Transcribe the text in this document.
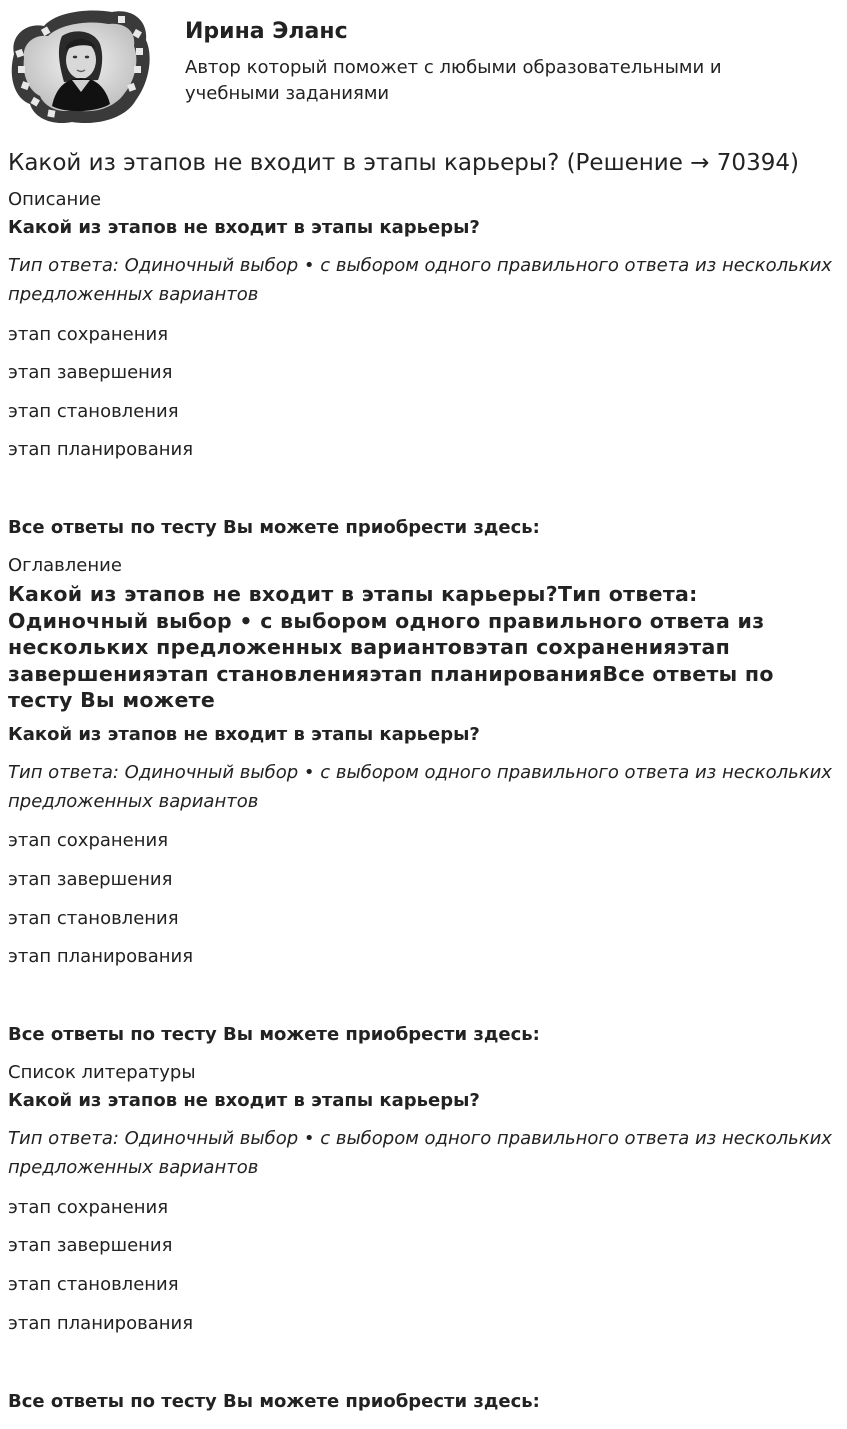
Ирина Эланс
Автор который поможет с любыми образовательными и учебными заданиями
Какой из этапов не входит в этапы карьеры? (Решение → 70394)
Описание
Какой из этапов не входит в этапы карьеры?
Тип ответа: Одиночный выбор • с выбором одного правильного ответа из нескольких предложенных вариантов
этап сохранения
этап завершения
этап становления
этап планирования
Все ответы по тесту Вы можете приобрести здесь:
Оглавление
Какой из этапов не входит в этапы карьеры?Тип ответа: Одиночный выбор • с выбором одного правильного ответа из нескольких предложенных вариантовэтап сохраненияэтап завершенияэтап становленияэтап планированияВсе ответы по тесту Вы можете
Какой из этапов не входит в этапы карьеры?
Тип ответа: Одиночный выбор • с выбором одного правильного ответа из нескольких предложенных вариантов
этап сохранения
этап завершения
этап становления
этап планирования
Все ответы по тесту Вы можете приобрести здесь:
Список литературы
Какой из этапов не входит в этапы карьеры?
Тип ответа: Одиночный выбор • с выбором одного правильного ответа из нескольких предложенных вариантов
этап сохранения
этап завершения
этап становления
этап планирования
Все ответы по тесту Вы можете приобрести здесь:
